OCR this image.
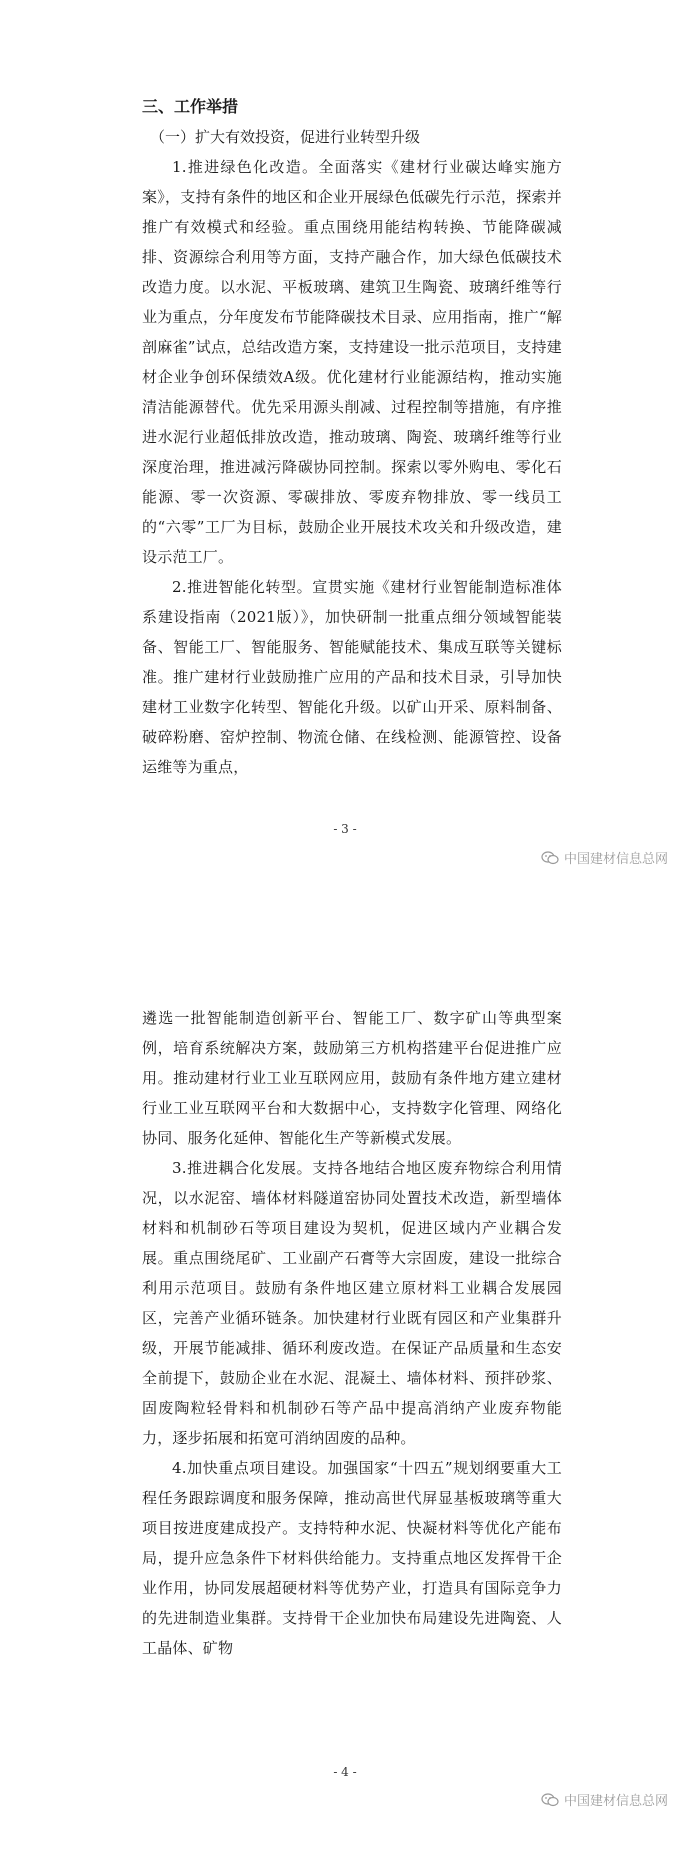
三、工作举措

（一）扩大有效投资，促进行业转型升级

1.推进绿色化改造。全面落实《建材行业碳达峰实施方案》，支持有条件的地区和企业开展绿色低碳先行示范，探索并推广有效模式和经验。重点围绕用能结构转换、节能降碳减排、资源综合利用等方面，支持产融合作，加大绿色低碳技术改造力度。以水泥、平板玻璃、建筑卫生陶瓷、玻璃纤维等行业为重点，分年度发布节能降碳技术目录、应用指南，推广“解剖麻雀”试点，总结改造方案，支持建设一批示范项目，支持建材企业争创环保绩效A级。优化建材行业能源结构，推动实施清洁能源替代。优先采用源头削减、过程控制等措施，有序推进水泥行业超低排放改造，推动玻璃、陶瓷、玻璃纤维等行业深度治理，推进减污降碳协同控制。探索以零外购电、零化石能源、零一次资源、零碳排放、零废弃物排放、零一线员工的“六零”工厂为目标，鼓励企业开展技术攻关和升级改造，建设示范工厂。

2.推进智能化转型。宣贯实施《建材行业智能制造标准体系建设指南（2021版）》，加快研制一批重点细分领域智能装备、智能工厂、智能服务、智能赋能技术、集成互联等关键标准。推广建材行业鼓励推广应用的产品和技术目录，引导加快建材工业数字化转型、智能化升级。以矿山开采、原料制备、破碎粉磨、窑炉控制、物流仓储、在线检测、能源管控、设备运维等为重点，

- 3 -
中国建材信息总网

遴选一批智能制造创新平台、智能工厂、数字矿山等典型案例，培育系统解决方案，鼓励第三方机构搭建平台促进推广应用。推动建材行业工业互联网应用，鼓励有条件地方建立建材行业工业互联网平台和大数据中心，支持数字化管理、网络化协同、服务化延伸、智能化生产等新模式发展。

3.推进耦合化发展。支持各地结合地区废弃物综合利用情况，以水泥窑、墙体材料隧道窑协同处置技术改造，新型墙体材料和机制砂石等项目建设为契机，促进区域内产业耦合发展。重点围绕尾矿、工业副产石膏等大宗固废，建设一批综合利用示范项目。鼓励有条件地区建立原材料工业耦合发展园区，完善产业循环链条。加快建材行业既有园区和产业集群升级，开展节能减排、循环利废改造。在保证产品质量和生态安全前提下，鼓励企业在水泥、混凝土、墙体材料、预拌砂浆、固废陶粒轻骨料和机制砂石等产品中提高消纳产业废弃物能力，逐步拓展和拓宽可消纳固废的品种。

4.加快重点项目建设。加强国家“十四五”规划纲要重大工程任务跟踪调度和服务保障，推动高世代屏显基板玻璃等重大项目按进度建成投产。支持特种水泥、快凝材料等优化产能布局，提升应急条件下材料供给能力。支持重点地区发挥骨干企业作用，协同发展超硬材料等优势产业，打造具有国际竞争力的先进制造业集群。支持骨干企业加快布局建设先进陶瓷、人工晶体、矿物

- 4 -
中国建材信息总网
